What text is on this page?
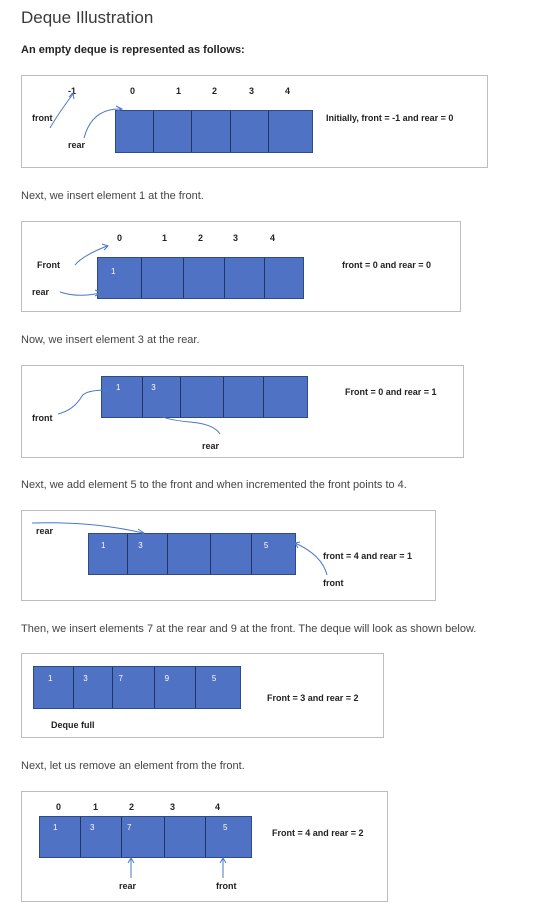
Deque Illustration
An empty deque is represented as follows:
-1	0	1	2	3	4
front
rear
Initially, front = -1 and rear = 0
Next, we insert element 1 at the front.
0	1	2	3	4
Front
rear
1
front = 0 and rear = 0
Now, we insert element 3 at the rear.
front
rear
1	3	Front = 0 and rear = 1
Next, we add element 5 to the front and when incremented the front points to 4.
rear
front
1	3	5
front = 4 and rear = 1
Then, we insert elements 7 at the rear and 9 at the front. The deque will look as shown below.
1	3	7	9	5
Deque full
Front = 3 and rear = 2
Next, let us remove an element from the front.
0	1	2	3	4
1	3	7	5
rear	front
Front = 4 and rear = 2
